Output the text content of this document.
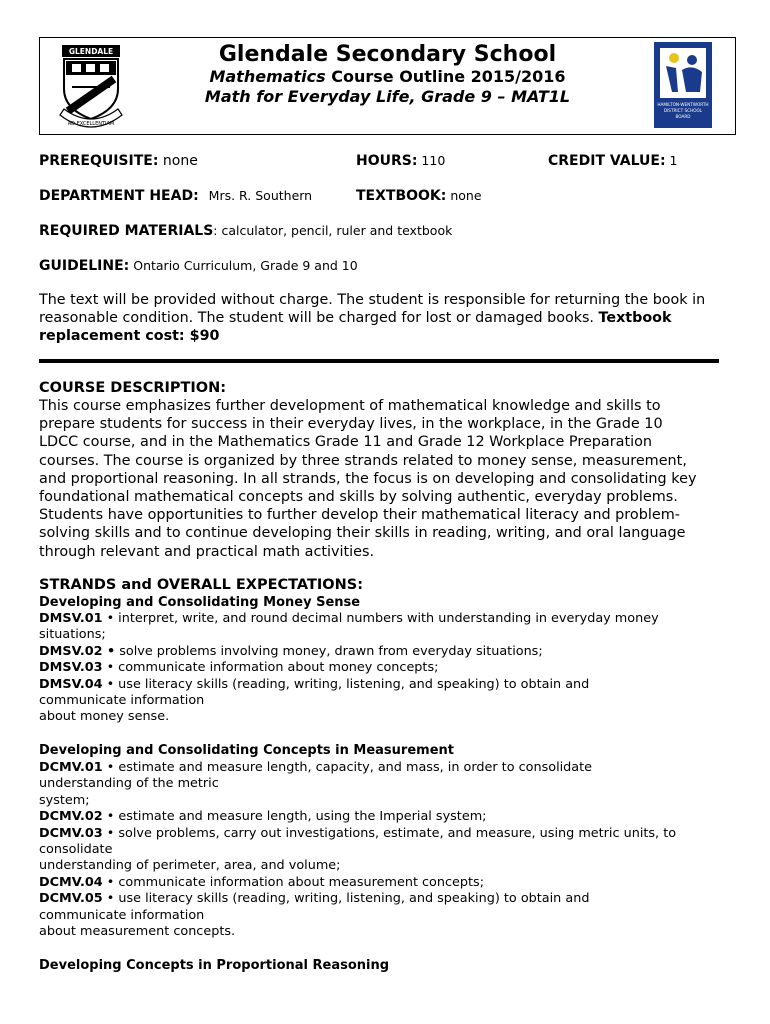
GLENDALE
AD EXCELLENTIAM
Glendale Secondary School
Mathematics Course Outline 2015/2016
Math for Everyday Life, Grade 9 – MAT1L	HAMILTON-WENTWORTH
DISTRICT SCHOOL
BOARD
PREREQUISITE: none	HOURS: 110	CREDIT VALUE: 1
DEPARTMENT HEAD: Mrs. R. Southern	TEXTBOOK: none
REQUIRED MATERIALS: calculator, pencil, ruler and textbook
GUIDELINE: Ontario Curriculum, Grade 9 and 10
The text will be provided without charge. The student is responsible for returning the book in reasonable condition. The student will be charged for lost or damaged books. Textbook replacement cost: $90
COURSE DESCRIPTION:
This course emphasizes further development of mathematical knowledge and skills to
prepare students for success in their everyday lives, in the workplace, in the Grade 10
LDCC course, and in the Mathematics Grade 11 and Grade 12 Workplace Preparation
courses. The course is organized by three strands related to money sense, measurement,
and proportional reasoning. In all strands, the focus is on developing and consolidating key
foundational mathematical concepts and skills by solving authentic, everyday problems.
Students have opportunities to further develop their mathematical literacy and problem-
solving skills and to continue developing their skills in reading, writing, and oral language
through relevant and practical math activities.
STRANDS and OVERALL EXPECTATIONS:
Developing and Consolidating Money Sense
DMSV.01 • interpret, write, and round decimal numbers with understanding in everyday money
situations;
DMSV.02 • solve problems involving money, drawn from everyday situations;
DMSV.03 • communicate information about money concepts;
DMSV.04 • use literacy skills (reading, writing, listening, and speaking) to obtain and
communicate information
about money sense.
Developing and Consolidating Concepts in Measurement
DCMV.01 • estimate and measure length, capacity, and mass, in order to consolidate
understanding of the metric
system;
DCMV.02 • estimate and measure length, using the Imperial system;
DCMV.03 • solve problems, carry out investigations, estimate, and measure, using metric units, to
consolidate
understanding of perimeter, area, and volume;
DCMV.04 • communicate information about measurement concepts;
DCMV.05 • use literacy skills (reading, writing, listening, and speaking) to obtain and
communicate information
about measurement concepts.
Developing Concepts in Proportional Reasoning
